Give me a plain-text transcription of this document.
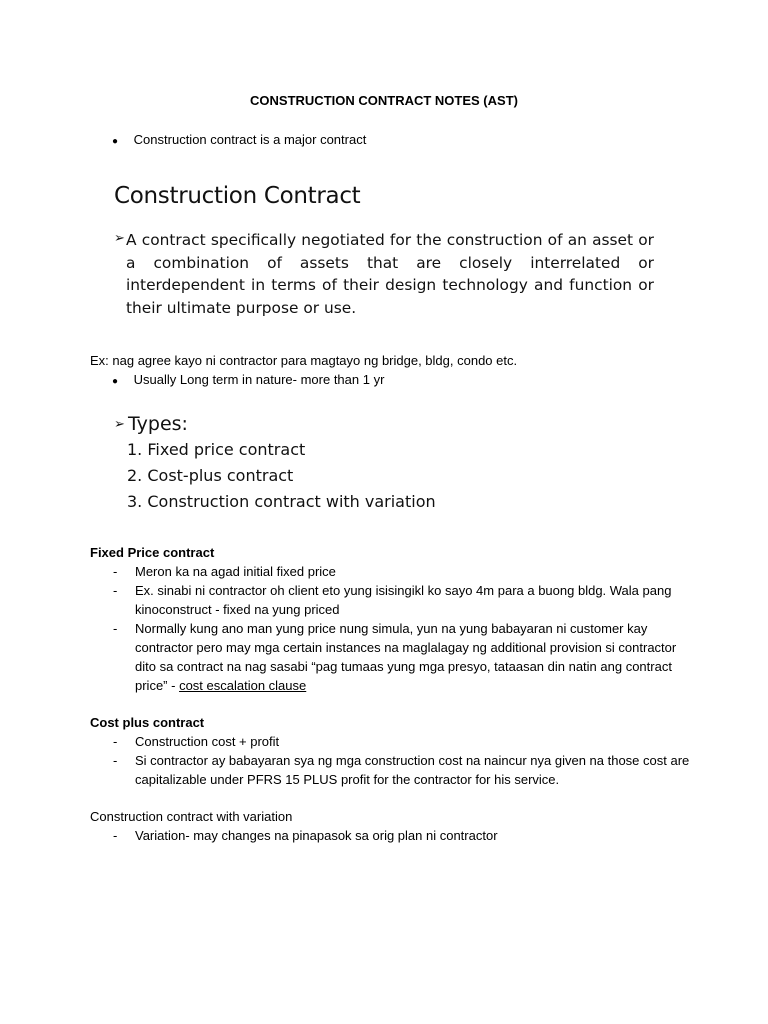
CONSTRUCTION CONTRACT NOTES (AST)
● Construction contract is a major contract
Construction Contract
➢ A contract specifically negotiated for the construction of an asset or a combination of assets that are closely interrelated or interdependent in terms of their design technology and function or their ultimate purpose or use.
Ex: nag agree kayo ni contractor para magtayo ng bridge, bldg, condo etc.
● Usually Long term in nature- more than 1 yr
➢ Types:
1. Fixed price contract
2. Cost-plus contract
3. Construction contract with variation
Fixed Price contract
- Meron ka na agad initial fixed price
- Ex. sinabi ni contractor oh client eto yung isisingikl ko sayo 4m para a buong bldg. Wala pang kinoconstruct - fixed na yung priced
- Normally kung ano man yung price nung simula, yun na yung babayaran ni customer kay contractor pero may mga certain instances na maglalagay ng additional provision si contractor dito sa contract na nag sasabi “pag tumaas yung mga presyo, tataasan din natin ang contract price” - cost escalation clause
Cost plus contract
- Construction cost + profit
- Si contractor ay babayaran sya ng mga construction cost na naincur nya given na those cost are capitalizable under PFRS 15 PLUS profit for the contractor for his service.
Construction contract with variation
- Variation- may changes na pinapasok sa orig plan ni contractor
